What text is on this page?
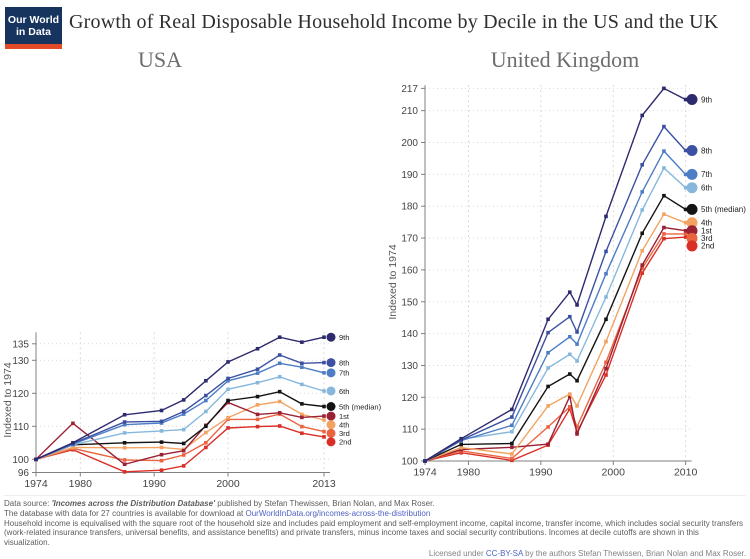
Our World
in Data Growth of Real Disposable Household Income by Decile in the US and the UK
USA	United Kingdom
96
100
110
120
130
135
1974 1980	1990	2000	2013
Indexed to 1974
9th
8th
7th
6th
5th (median)
1st
4th
3rd
2nd
100
110
120
130
140
150
160
170
180
190
200
210
217
1974 1980	1990	2000	2010
Indexed to 1974
9th
8th
7th
6th
5th (median)
4th
1st
3rd
2nd
Data source: 'Incomes across the Distribution Database' published by Stefan Thewissen, Brian Nolan, and Max Roser.
The database with data for 27 countries is available for download at OurWorldInData.org/incomes-across-the-distribution
Household income is equivalised with the square root of the household size and includes paid employment and self-employment income, capital income, transfer income, which includes social security transfers (work-related insurance transfers, universal benefits, and assistance benefits) and private transfers, minus income taxes and social security contributions. Incomes at decile cutoffs are shown in this visualization.
Licensed under CC-BY-SA by the authors Stefan Thewissen, Brian Nolan and Max Roser.
